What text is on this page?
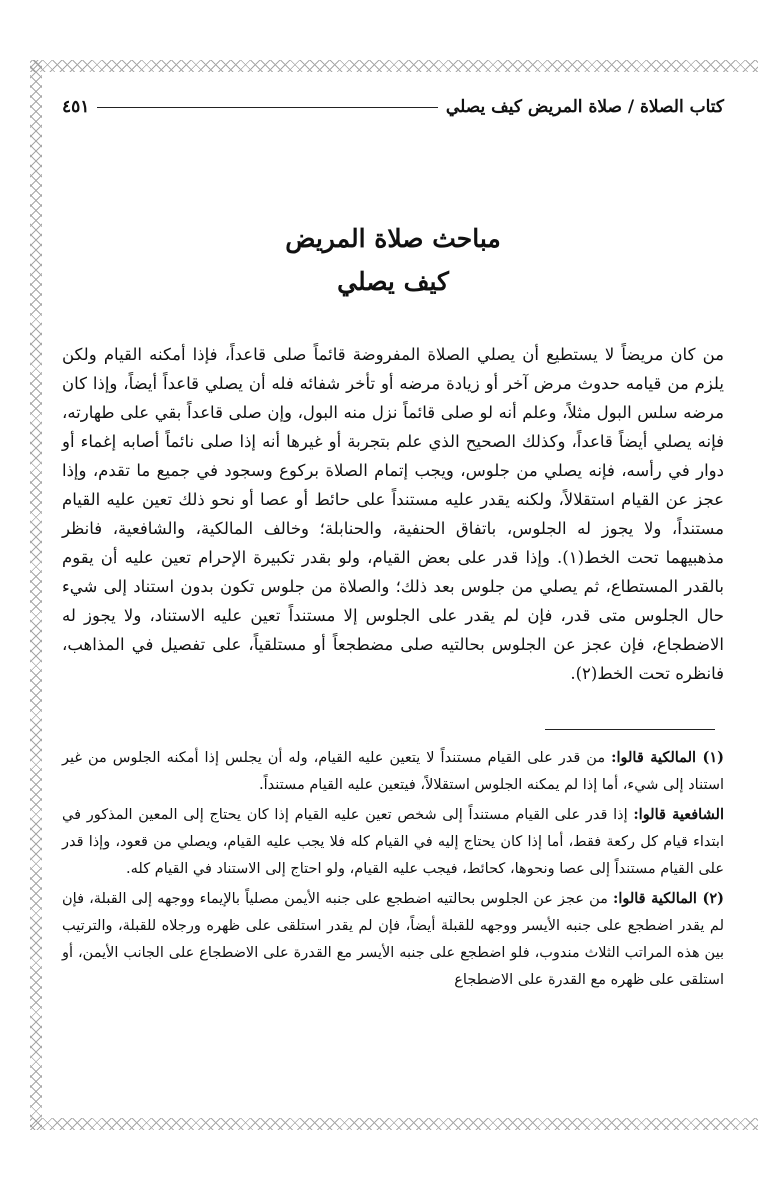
كتاب الصلاة / صلاة المريض كيف يصلي
٤٥١
مباحث صلاة المريض
كيف يصلي

من كان مريضاً لا يستطيع أن يصلي الصلاة المفروضة قائماً صلى قاعداً، فإذا أمكنه القيام ولكن يلزم من قيامه حدوث مرض آخر أو زيادة مرضه أو تأخر شفائه فله أن يصلي قاعداً أيضاً، وإذا كان مرضه سلس البول مثلاً، وعلم أنه لو صلى قائماً نزل منه البول، وإن صلى قاعداً بقي على طهارته، فإنه يصلي أيضاً قاعداً، وكذلك الصحيح الذي علم بتجربة أو غيرها أنه إذا صلى نائماً أصابه إغماء أو دوار في رأسه، فإنه يصلي من جلوس، ويجب إتمام الصلاة بركوع وسجود في جميع ما تقدم، وإذا عجز عن القيام استقلالاً، ولكنه يقدر عليه مستنداً على حائط أو عصا أو نحو ذلك تعين عليه القيام مستنداً، ولا يجوز له الجلوس، باتفاق الحنفية، والحنابلة؛ وخالف المالكية، والشافعية، فانظر مذهبيهما تحت الخط(١). وإذا قدر على بعض القيام، ولو بقدر تكبيرة الإحرام تعين عليه أن يقوم بالقدر المستطاع، ثم يصلي من جلوس بعد ذلك؛ والصلاة من جلوس تكون بدون استناد إلى شيء حال الجلوس متى قدر، فإن لم يقدر على الجلوس إلا مستنداً تعين عليه الاستناد، ولا يجوز له الاضطجاع، فإن عجز عن الجلوس بحالتيه صلى مضطجعاً أو مستلقياً، على تفصيل في المذاهب، فانظره تحت الخط(٢).

(١) المالكية قالوا: من قدر على القيام مستنداً لا يتعين عليه القيام، وله أن يجلس إذا أمكنه الجلوس من غير استناد إلى شيء، أما إذا لم يمكنه الجلوس استقلالاً، فيتعين عليه القيام مستنداً.

الشافعية قالوا: إذا قدر على القيام مستنداً إلى شخص تعين عليه القيام إذا كان يحتاج إلى المعين المذكور في ابتداء قيام كل ركعة فقط، أما إذا كان يحتاج إليه في القيام كله فلا يجب عليه القيام، ويصلي من قعود، وإذا قدر على القيام مستنداً إلى عصا ونحوها، كحائط، فيجب عليه القيام، ولو احتاج إلى الاستناد في القيام كله.

(٢) المالكية قالوا: من عجز عن الجلوس بحالتيه اضطجع على جنبه الأيمن مصلياً بالإيماء ووجهه إلى القبلة، فإن لم يقدر اضطجع على جنبه الأيسر ووجهه للقبلة أيضاً، فإن لم يقدر استلقى على ظهره ورجلاه للقبلة، والترتيب بين هذه المراتب الثلاث مندوب، فلو اضطجع على جنبه الأيسر مع القدرة على الاضطجاع على الجانب الأيمن، أو استلقى على ظهره مع القدرة على الاضطجاع
